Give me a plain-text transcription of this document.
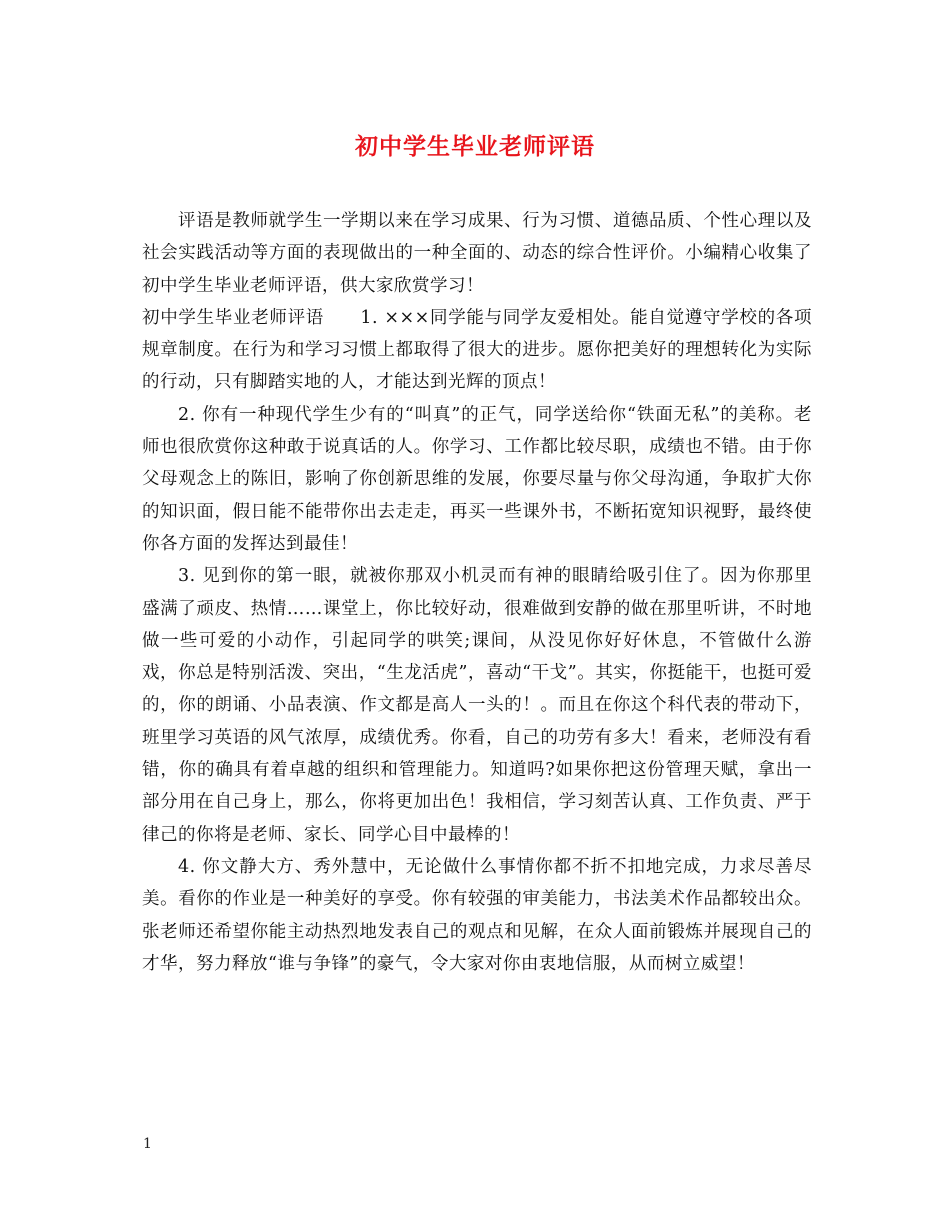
初中学生毕业老师评语

评语是教师就学生一学期以来在学习成果、行为习惯、道德品质、个性心理以及社会实践活动等方面的表现做出的一种全面的、动态的综合性评价。小编精心收集了初中学生毕业老师评语，供大家欣赏学习！

初中学生毕业老师评语　　1. ×××同学能与同学友爱相处。能自觉遵守学校的各项规章制度。在行为和学习习惯上都取得了很大的进步。愿你把美好的理想转化为实际的行动，只有脚踏实地的人，才能达到光辉的顶点！

2. 你有一种现代学生少有的“叫真”的正气，同学送给你“铁面无私”的美称。老师也很欣赏你这种敢于说真话的人。你学习、工作都比较尽职，成绩也不错。由于你父母观念上的陈旧，影响了你创新思维的发展，你要尽量与你父母沟通，争取扩大你的知识面，假日能不能带你出去走走，再买一些课外书，不断拓宽知识视野，最终使你各方面的发挥达到最佳！

3. 见到你的第一眼，就被你那双小机灵而有神的眼睛给吸引住了。因为你那里盛满了顽皮、热情……课堂上，你比较好动，很难做到安静的做在那里听讲，不时地做一些可爱的小动作，引起同学的哄笑;课间，从没见你好好休息，不管做什么游戏，你总是特别活泼、突出，“生龙活虎”，喜动“干戈”。其实，你挺能干，也挺可爱的，你的朗诵、小品表演、作文都是高人一头的！。而且在你这个科代表的带动下，班里学习英语的风气浓厚，成绩优秀。你看，自己的功劳有多大！看来，老师没有看错，你的确具有着卓越的组织和管理能力。知道吗?如果你把这份管理天赋，拿出一部分用在自己身上，那么，你将更加出色！我相信，学习刻苦认真、工作负责、严于律己的你将是老师、家长、同学心目中最棒的！

4. 你文静大方、秀外慧中，无论做什么事情你都不折不扣地完成，力求尽善尽美。看你的作业是一种美好的享受。你有较强的审美能力，书法美术作品都较出众。张老师还希望你能主动热烈地发表自己的观点和见解，在众人面前锻炼并展现自己的才华，努力释放“谁与争锋”的豪气，令大家对你由衷地信服，从而树立威望！

1
